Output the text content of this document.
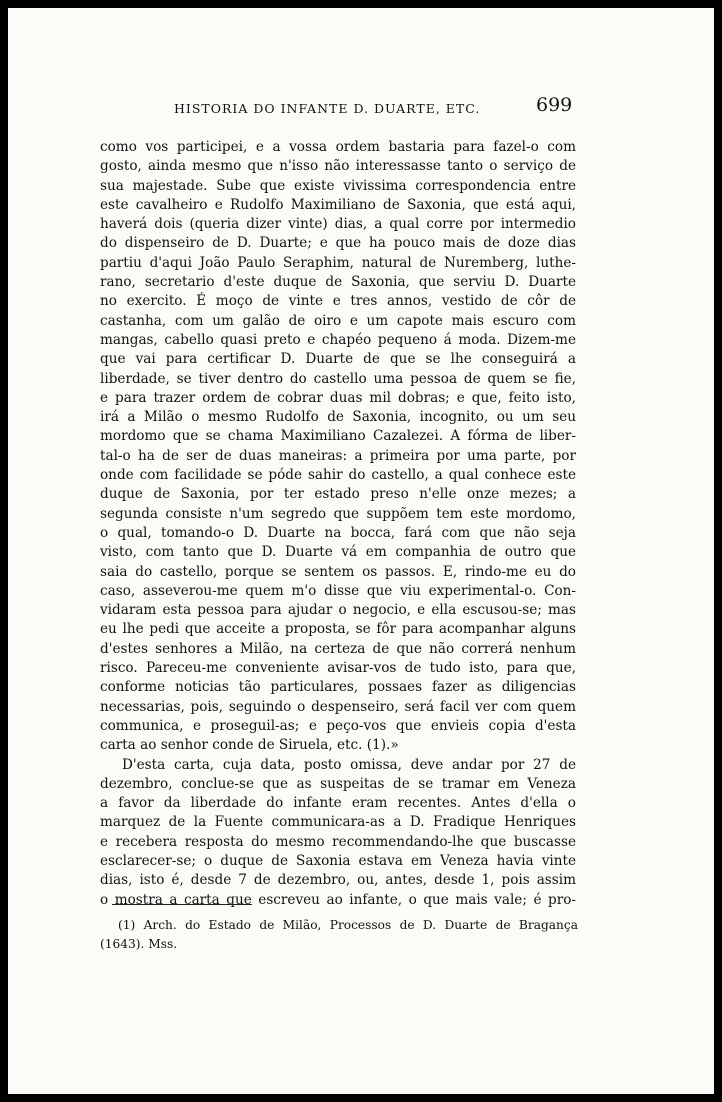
HISTORIA DO INFANTE D. DUARTE, ETC.	699
como vos participei, e a vossa ordem bastaria para fazel-o com
gosto, ainda mesmo que n'isso não interessasse tanto o serviço de
sua majestade. Sube que existe vivissima correspondencia entre
este cavalheiro e Rudolfo Maximiliano de Saxonia, que está aqui,
haverá dois (queria dizer vinte) dias, a qual corre por intermedio
do dispenseiro de D. Duarte; e que ha pouco mais de doze dias
partiu d'aqui João Paulo Seraphim, natural de Nuremberg, luthe-
rano, secretario d'este duque de Saxonia, que serviu D. Duarte
no exercito. É moço de vinte e tres annos, vestido de côr de
castanha, com um galão de oiro e um capote mais escuro com
mangas, cabello quasi preto e chapéo pequeno á moda. Dizem-me
que vai para certificar D. Duarte de que se lhe conseguirá a
liberdade, se tiver dentro do castello uma pessoa de quem se fie,
e para trazer ordem de cobrar duas mil dobras; e que, feito isto,
irá a Milão o mesmo Rudolfo de Saxonia, incognito, ou um seu
mordomo que se chama Maximiliano Cazalezei. A fórma de liber-
tal-o ha de ser de duas maneiras: a primeira por uma parte, por
onde com facilidade se póde sahir do castello, a qual conhece este
duque de Saxonia, por ter estado preso n'elle onze mezes; a
segunda consiste n'um segredo que suppõem tem este mordomo,
o qual, tomando-o D. Duarte na bocca, fará com que não seja
visto, com tanto que D. Duarte vá em companhia de outro que
saia do castello, porque se sentem os passos. E, rindo-me eu do
caso, asseverou-me quem m'o disse que viu experimental-o. Con-
vidaram esta pessoa para ajudar o negocio, e ella escusou-se; mas
eu lhe pedi que acceite a proposta, se fôr para acompanhar alguns
d'estes senhores a Milão, na certeza de que não correrá nenhum
risco. Pareceu-me conveniente avisar-vos de tudo isto, para que,
conforme noticias tão particulares, possaes fazer as diligencias
necessarias, pois, seguindo o despenseiro, será facil ver com quem
communica, e proseguil-as; e peço-vos que envieis copia d'esta
carta ao senhor conde de Siruela, etc. (1).»
D'esta carta, cuja data, posto omissa, deve andar por 27 de
dezembro, conclue-se que as suspeitas de se tramar em Veneza
a favor da liberdade do infante eram recentes. Antes d'ella o
marquez de la Fuente communicara-as a D. Fradique Henriques
e recebera resposta do mesmo recommendando-lhe que buscasse
esclarecer-se; o duque de Saxonia estava em Veneza havia vinte
dias, isto é, desde 7 de dezembro, ou, antes, desde 1, pois assim
o mostra a carta que escreveu ao infante, o que mais vale; é pro-
(1) Arch. do Estado de Milão, Processos de D. Duarte de Bragança
(1643). Mss.
